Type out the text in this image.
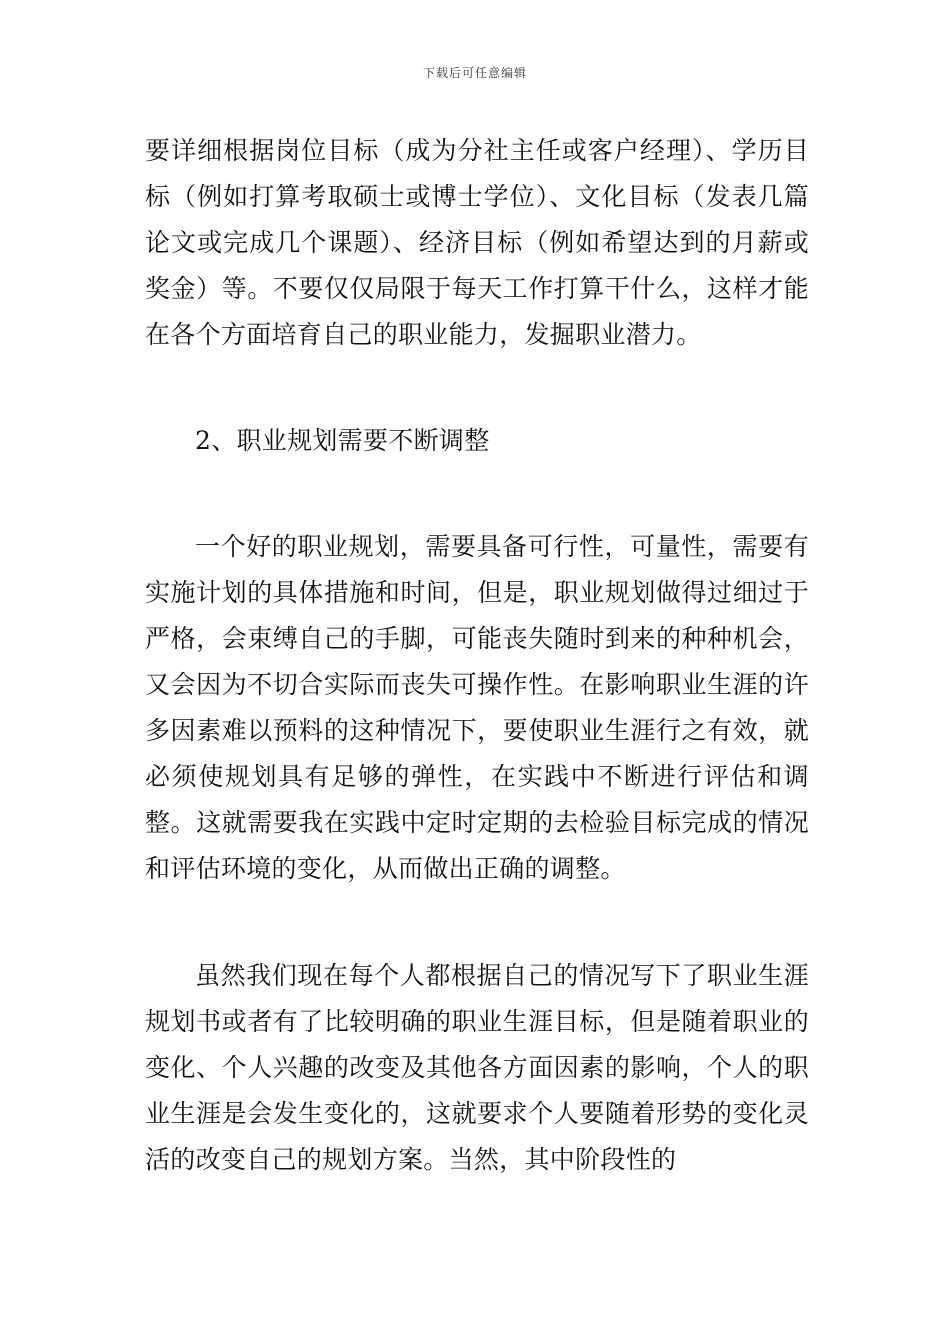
下载后可任意编辑

要详细根据岗位目标（成为分社主任或客户经理）、学历目标（例如打算考取硕士或博士学位）、文化目标（发表几篇论文或完成几个课题）、经济目标（例如希望达到的月薪或奖金）等。不要仅仅局限于每天工作打算干什么，这样才能在各个方面培育自己的职业能力，发掘职业潜力。

2、职业规划需要不断调整

一个好的职业规划，需要具备可行性，可量性，需要有实施计划的具体措施和时间，但是，职业规划做得过细过于严格，会束缚自己的手脚，可能丧失随时到来的种种机会，又会因为不切合实际而丧失可操作性。在影响职业生涯的许多因素难以预料的这种情况下，要使职业生涯行之有效，就必须使规划具有足够的弹性，在实践中不断进行评估和调整。这就需要我在实践中定时定期的去检验目标完成的情况和评估环境的变化，从而做出正确的调整。

虽然我们现在每个人都根据自己的情况写下了职业生涯规划书或者有了比较明确的职业生涯目标，但是随着职业的变化、个人兴趣的改变及其他各方面因素的影响，个人的职业生涯是会发生变化的，这就要求个人要随着形势的变化灵活的改变自己的规划方案。当然，其中阶段性的
